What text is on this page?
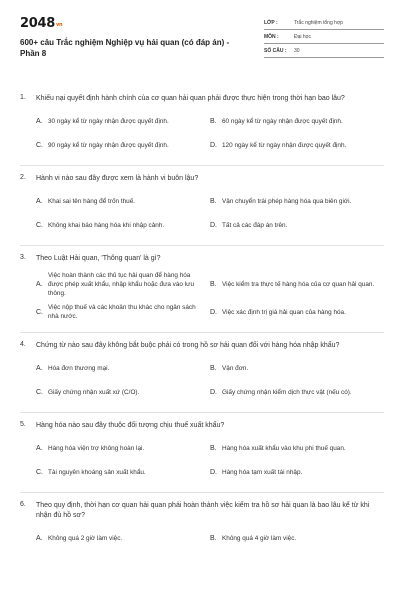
$2048^{vn}$
600+ câu Trắc nghiệm Nghiệp vụ hải quan (có đáp án) - Phần 8
LỚP :	Trắc nghiệm tổng hợp
MÔN :	Đại học
SỐ CÂU :	30
1.	Khiếu nại quyết định hành chính của cơ quan hải quan phải được thực hiện trong thời hạn bao lâu?
A. 30 ngày kể từ ngày nhận được quyết định.	B. 60 ngày kể từ ngày nhận được quyết định.
C. 90 ngày kể từ ngày nhận được quyết định.	D. 120 ngày kể từ ngày nhận được quyết định.
2.	Hành vi nào sau đây được xem là hành vi buôn lậu?
A. Khai sai tên hàng để trốn thuế.	B. Vận chuyển trái phép hàng hóa qua biên giới.
C. Không khai báo hàng hóa khi nhập cảnh.	D. Tất cả các đáp án trên.
3.	Theo Luật Hải quan, 'Thông quan' là gì?
A.
Việc hoàn thành các thủ tục hải quan để hàng hóa được phép xuất khẩu, nhập khẩu hoặc đưa vào lưu thông.
B. Việc kiểm tra thực tế hàng hóa của cơ quan hải quan.
C.
Việc nộp thuế và các khoản thu khác cho ngân sách nhà nước.
D. Việc xác định trị giá hải quan của hàng hóa.
4.	Chứng từ nào sau đây không bắt buộc phải có trong hồ sơ hải quan đối với hàng hóa nhập khẩu?
A. Hóa đơn thương mại.	B. Vận đơn.
C. Giấy chứng nhận xuất xứ (C/O).	D. Giấy chứng nhận kiểm dịch thực vật (nếu có).
5.	Hàng hóa nào sau đây thuộc đối tượng chịu thuế xuất khẩu?
A. Hàng hóa viện trợ không hoàn lại.	B. Hàng hóa xuất khẩu vào khu phi thuế quan.
C. Tài nguyên khoáng sản xuất khẩu.	D. Hàng hóa tạm xuất tái nhập.
6.	Theo quy định, thời hạn cơ quan hải quan phải hoàn thành việc kiểm tra hồ sơ hải quan là bao lâu kể từ khi nhận đủ hồ sơ?
A. Không quá 2 giờ làm việc.	B. Không quá 4 giờ làm việc.
